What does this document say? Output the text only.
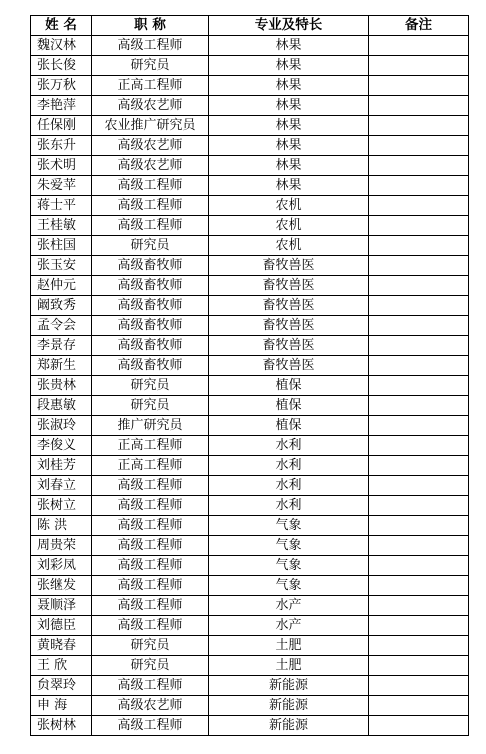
姓 名	职 称	专业及特长	备注
魏汉林	高级工程师	林果	
张长俊	研究员	林果	
张万秋	正高工程师	林果	
李艳萍	高级农艺师	林果	
任保刚	农业推广研究员	林果	
张东升	高级农艺师	林果	
张术明	高级农艺师	林果	
朱爱苹	高级工程师	林果	
蒋士平	高级工程师	农机	
王桂敏	高级工程师	农机	
张柱国	研究员	农机	
张玉安	高级畜牧师	畜牧兽医	
赵仲元	高级畜牧师	畜牧兽医	
阚致秀	高级畜牧师	畜牧兽医	
孟令会	高级畜牧师	畜牧兽医	
李景存	高级畜牧师	畜牧兽医	
郑新生	高级畜牧师	畜牧兽医	
张贵林	研究员	植保	
段惠敏	研究员	植保	
张淑玲	推广研究员	植保	
李俊义	正高工程师	水利	
刘桂芳	正高工程师	水利	
刘春立	高级工程师	水利	
张树立	高级工程师	水利	
陈 洪	高级工程师	气象	
周贵荣	高级工程师	气象	
刘彩凤	高级工程师	气象	
张继发	高级工程师	气象	
聂顺泽	高级工程师	水产	
刘德臣	高级工程师	水产	
黄晓春	研究员	土肥	
王 欣	研究员	土肥	
贠翠玲	高级工程师	新能源	
申 海	高级农艺师	新能源	
张树林	高级工程师	新能源	
